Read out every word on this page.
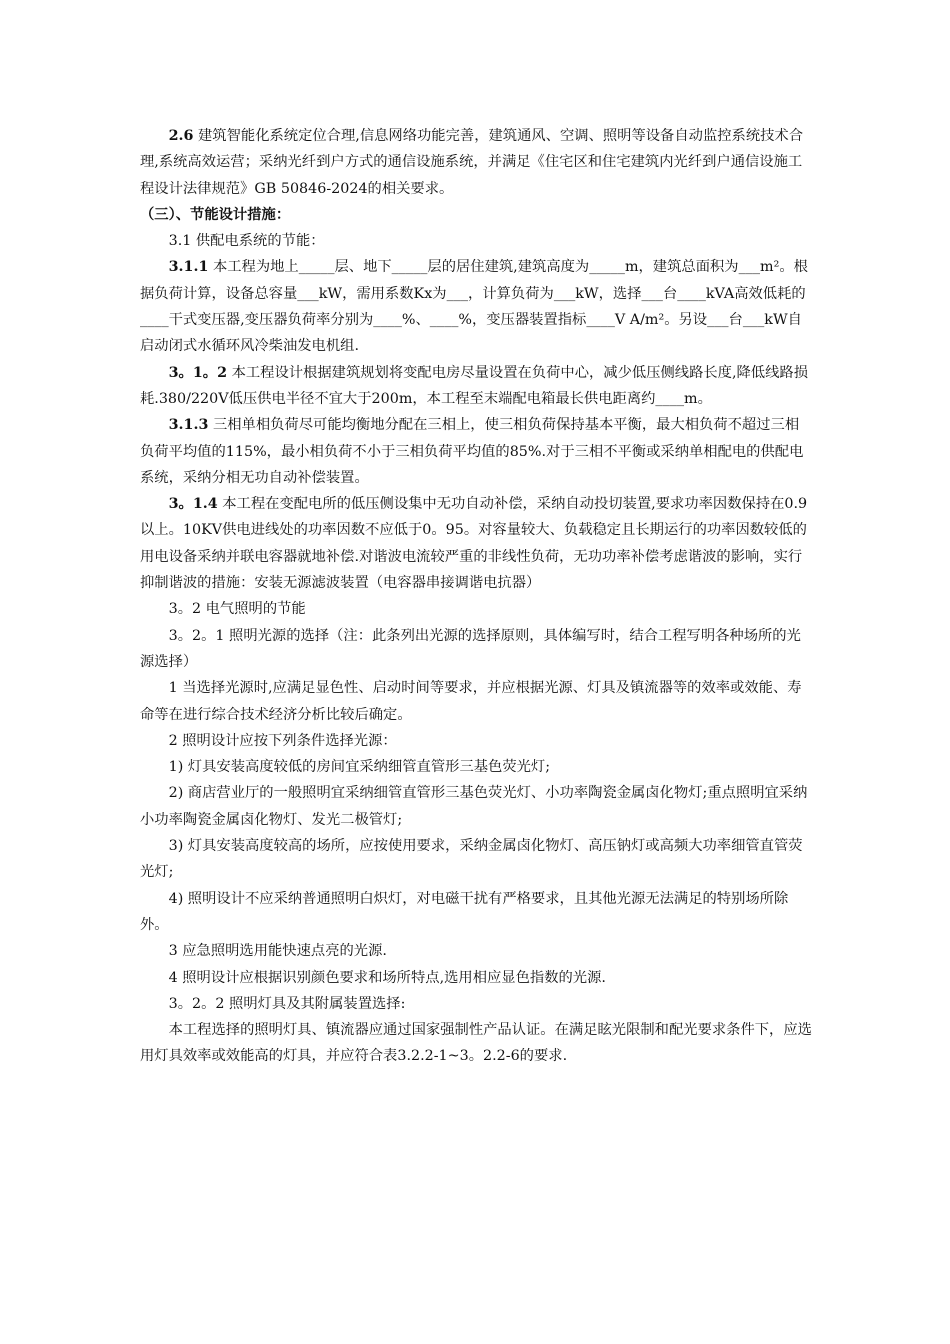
2.6 建筑智能化系统定位合理,信息网络功能完善，建筑通风、空调、照明等设备自动监控系统技术合理,系统高效运营；采纳光纤到户方式的通信设施系统，并满足《住宅区和住宅建筑内光纤到户通信设施工程设计法律规范》GB 50846-2024的相关要求。

（三）、节能设计措施：

3.1 供配电系统的节能：

3.1.1 本工程为地上_____层、地下_____层的居住建筑,建筑高度为_____m，建筑总面积为___m²。根据负荷计算，设备总容量___kW，需用系数Kx为___，计算负荷为___kW，选择___台____kVA高效低耗的____干式变压器,变压器负荷率分别为____%、____%，变压器装置指标____V A/m²。另设___台___kW自启动闭式水循环风冷柴油发电机组.

3。1。2 本工程设计根据建筑规划将变配电房尽量设置在负荷中心，减少低压侧线路长度,降低线路损耗.380/220V低压供电半径不宜大于200m，本工程至末端配电箱最长供电距离约____m。

3.1.3 三相单相负荷尽可能均衡地分配在三相上，使三相负荷保持基本平衡，最大相负荷不超过三相负荷平均值的115%，最小相负荷不小于三相负荷平均值的85%.对于三相不平衡或采纳单相配电的供配电系统，采纳分相无功自动补偿装置。

3。1.4 本工程在变配电所的低压侧设集中无功自动补偿，采纳自动投切装置,要求功率因数保持在0.9以上。10KV供电进线处的功率因数不应低于0。95。对容量较大、负载稳定且长期运行的功率因数较低的用电设备采纳并联电容器就地补偿.对谐波电流较严重的非线性负荷，无功功率补偿考虑谐波的影响，实行抑制谐波的措施：安装无源滤波装置（电容器串接调谐电抗器）

3。2 电气照明的节能

3。2。1 照明光源的选择（注：此条列出光源的选择原则，具体编写时，结合工程写明各种场所的光源选择）

1 当选择光源时,应满足显色性、启动时间等要求，并应根据光源、灯具及镇流器等的效率或效能、寿命等在进行综合技术经济分析比较后确定。

2 照明设计应按下列条件选择光源：

1) 灯具安装高度较低的房间宜采纳细管直管形三基色荧光灯;

2) 商店营业厅的一般照明宜采纳细管直管形三基色荧光灯、小功率陶瓷金属卤化物灯;重点照明宜采纳小功率陶瓷金属卤化物灯、发光二极管灯;

3) 灯具安装高度较高的场所，应按使用要求，采纳金属卤化物灯、高压钠灯或高频大功率细管直管荧光灯;

4) 照明设计不应采纳普通照明白炽灯，对电磁干扰有严格要求，且其他光源无法满足的特别场所除外。

3 应急照明选用能快速点亮的光源.

4 照明设计应根据识别颜色要求和场所特点,选用相应显色指数的光源.

3。2。2 照明灯具及其附属装置选择:

本工程选择的照明灯具、镇流器应通过国家强制性产品认证。在满足眩光限制和配光要求条件下，应选用灯具效率或效能高的灯具，并应符合表3.2.2-1~3。2.2-6的要求.
